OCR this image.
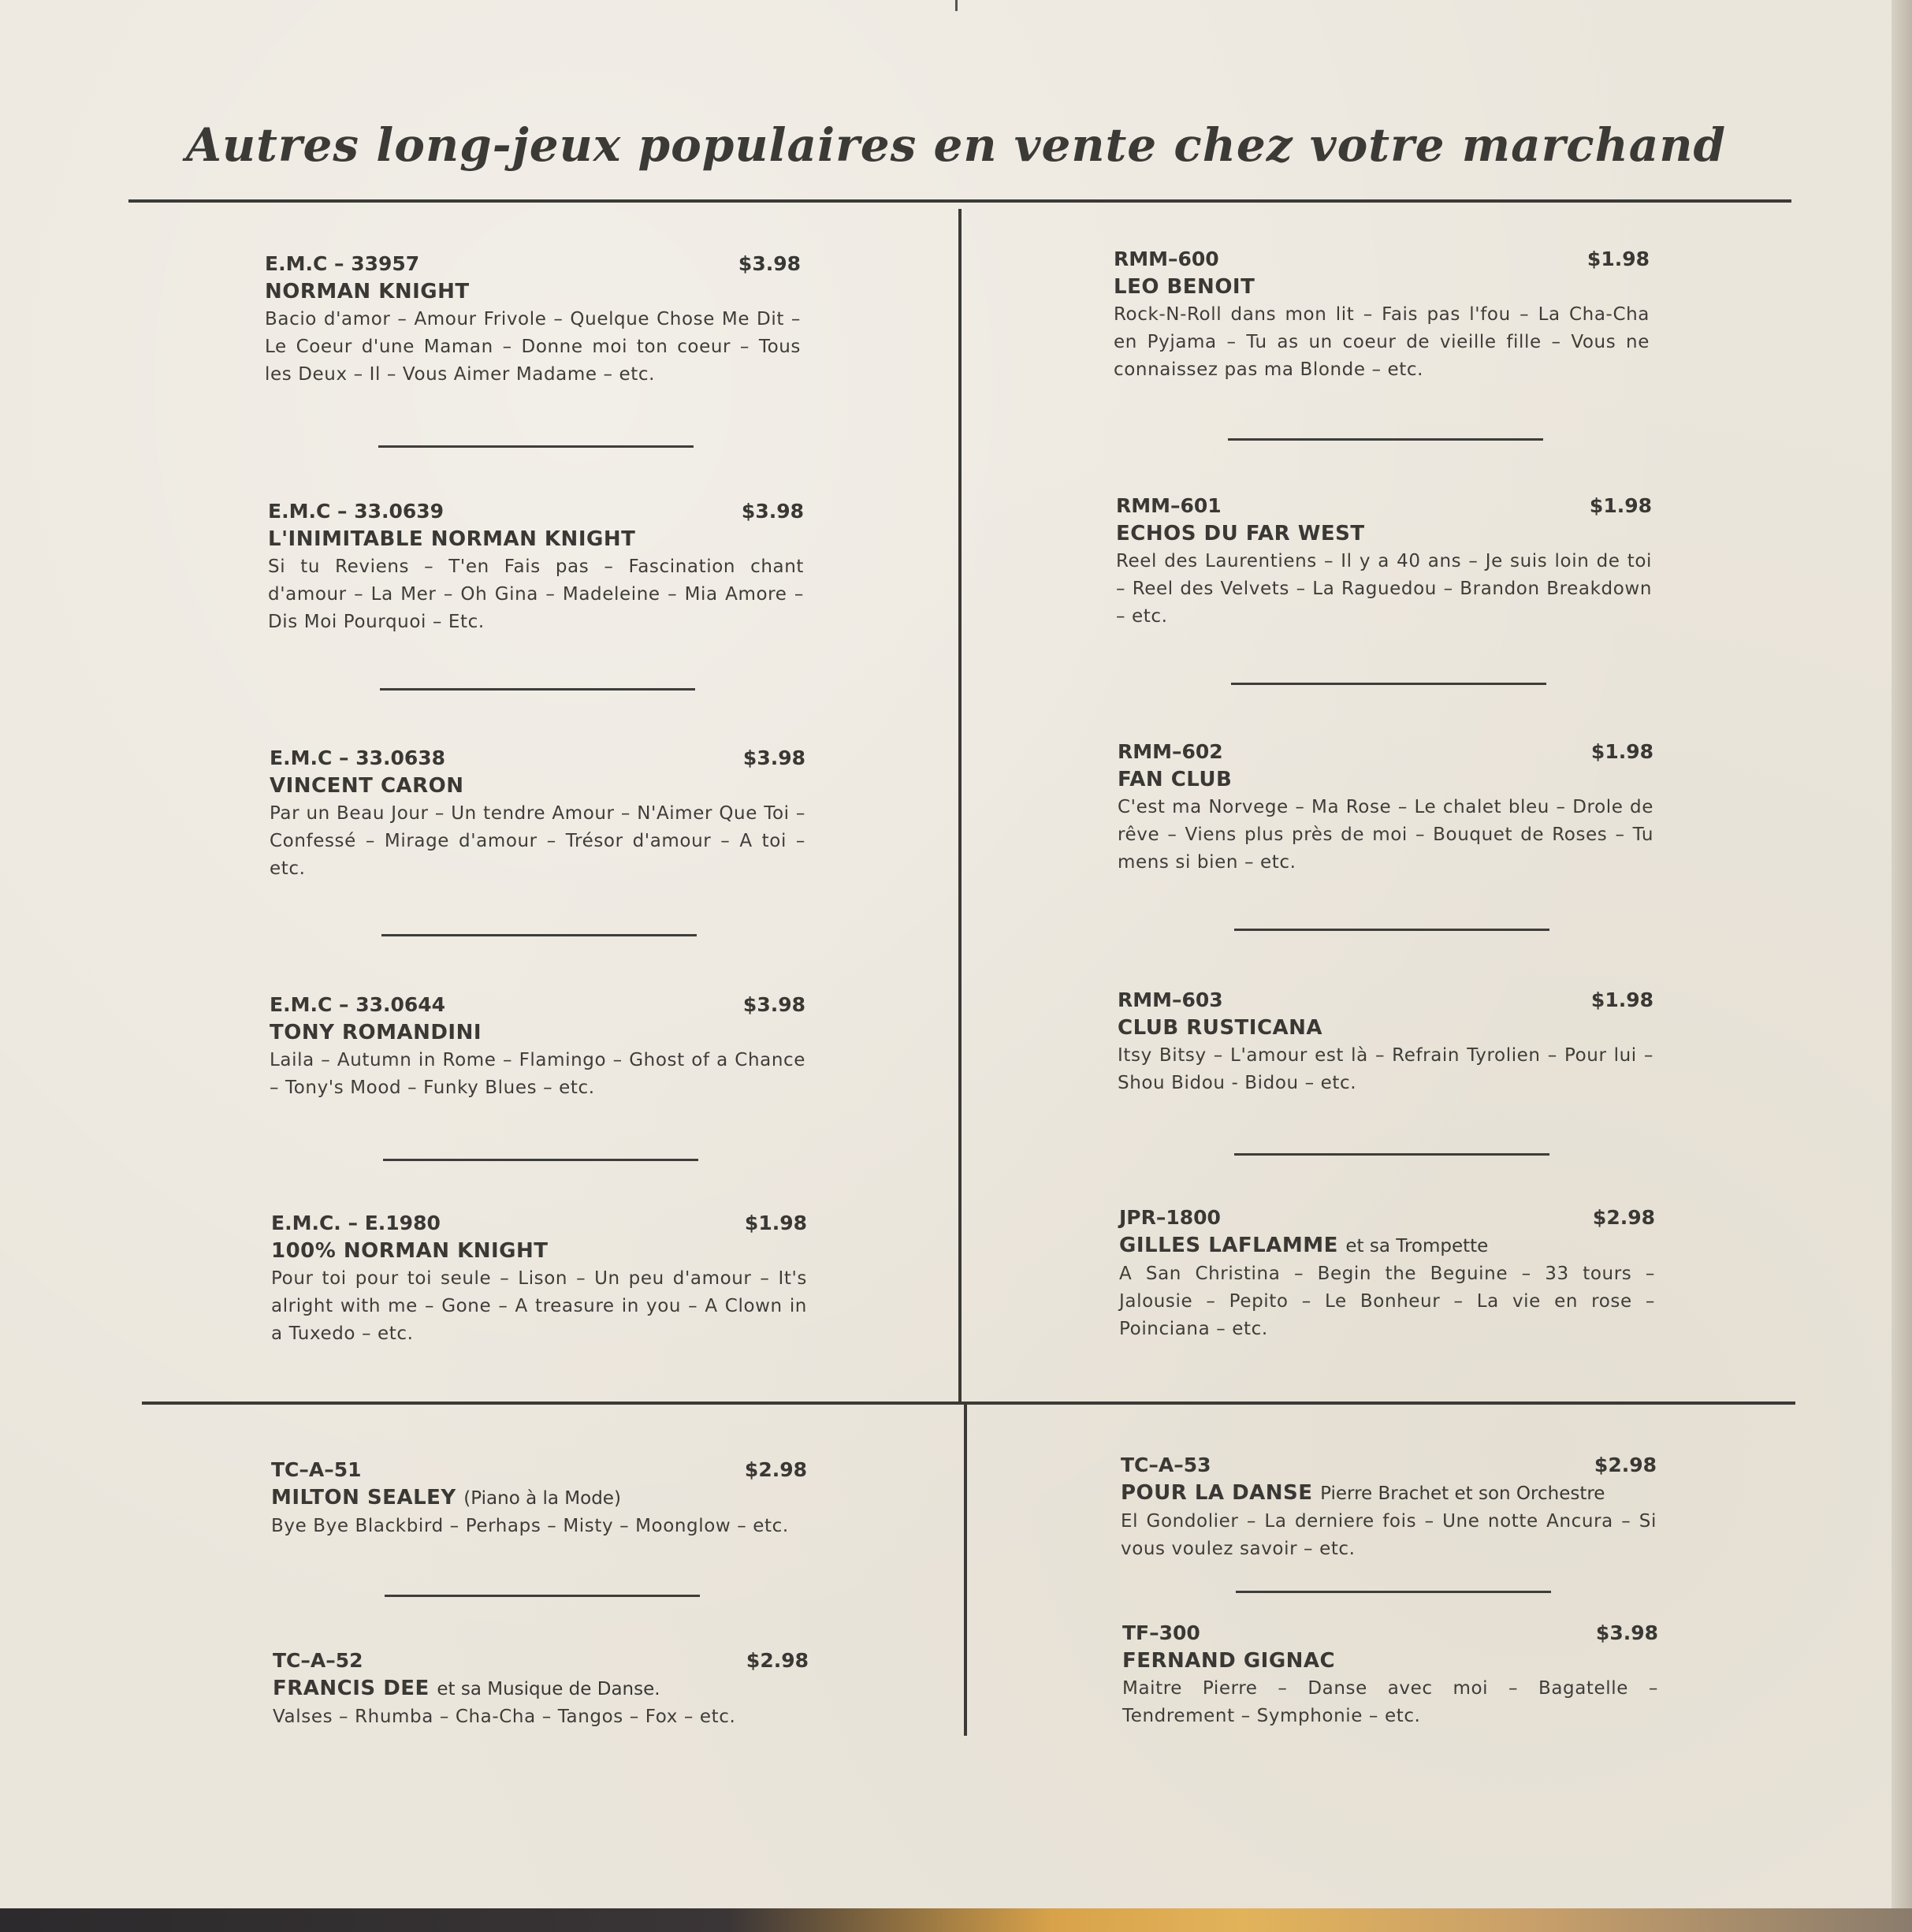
Autres long-jeux populaires en vente chez votre marchand
E.M.C – 33957	$3.98
NORMAN KNIGHT
Bacio d'amor – Amour Frivole – Quelque Chose Me Dit – Le Coeur d'une Maman – Donne moi ton coeur – Tous les Deux – Il – Vous Aimer Madame – etc.
E.M.C – 33.0639	$3.98
L'INIMITABLE NORMAN KNIGHT
Si tu Reviens – T'en Fais pas – Fascination chant d'amour – La Mer – Oh Gina – Madeleine – Mia Amore – Dis Moi Pourquoi – Etc.
E.M.C – 33.0638	$3.98
VINCENT CARON
Par un Beau Jour – Un tendre Amour – N'Aimer Que Toi – Confessé – Mirage d'amour – Trésor d'amour – A toi – etc.
E.M.C – 33.0644	$3.98
TONY ROMANDINI
Laila – Autumn in Rome – Flamingo – Ghost of a Chance – Tony's Mood – Funky Blues – etc.
E.M.C. – E.1980	$1.98
100% NORMAN KNIGHT
Pour toi pour toi seule – Lison – Un peu d'amour – It's alright with me – Gone – A treasure in you – A Clown in a Tuxedo – etc.
RMM–600	$1.98
LEO BENOIT
Rock-N-Roll dans mon lit – Fais pas l'fou – La Cha-Cha en Pyjama – Tu as un coeur de vieille fille – Vous ne connaissez pas ma Blonde – etc.
RMM–601	$1.98
ECHOS DU FAR WEST
Reel des Laurentiens – Il y a 40 ans – Je suis loin de toi – Reel des Velvets – La Raguedou – Brandon Breakdown – etc.
RMM–602	$1.98
FAN CLUB
C'est ma Norvege – Ma Rose – Le chalet bleu – Drole de rêve – Viens plus près de moi – Bouquet de Roses – Tu mens si bien – etc.
RMM–603	$1.98
CLUB RUSTICANA
Itsy Bitsy – L'amour est là – Refrain Tyrolien – Pour lui – Shou Bidou - Bidou – etc.
JPR–1800	$2.98
GILLES LAFLAMME et sa Trompette
A San Christina – Begin the Beguine – 33 tours – Jalousie – Pepito – Le Bonheur – La vie en rose – Poinciana – etc.
TC–A–51	$2.98
MILTON SEALEY (Piano à la Mode)
Bye Bye Blackbird – Perhaps – Misty – Moonglow – etc.
TC–A–52	$2.98
FRANCIS DEE et sa Musique de Danse.
Valses – Rhumba – Cha-Cha – Tangos – Fox – etc.
TC–A–53	$2.98
POUR LA DANSE Pierre Brachet et son Orchestre
El Gondolier – La derniere fois – Une notte Ancura – Si vous voulez savoir – etc.
TF–300	$3.98
FERNAND GIGNAC
Maitre Pierre – Danse avec moi – Bagatelle – Tendrement – Symphonie – etc.
